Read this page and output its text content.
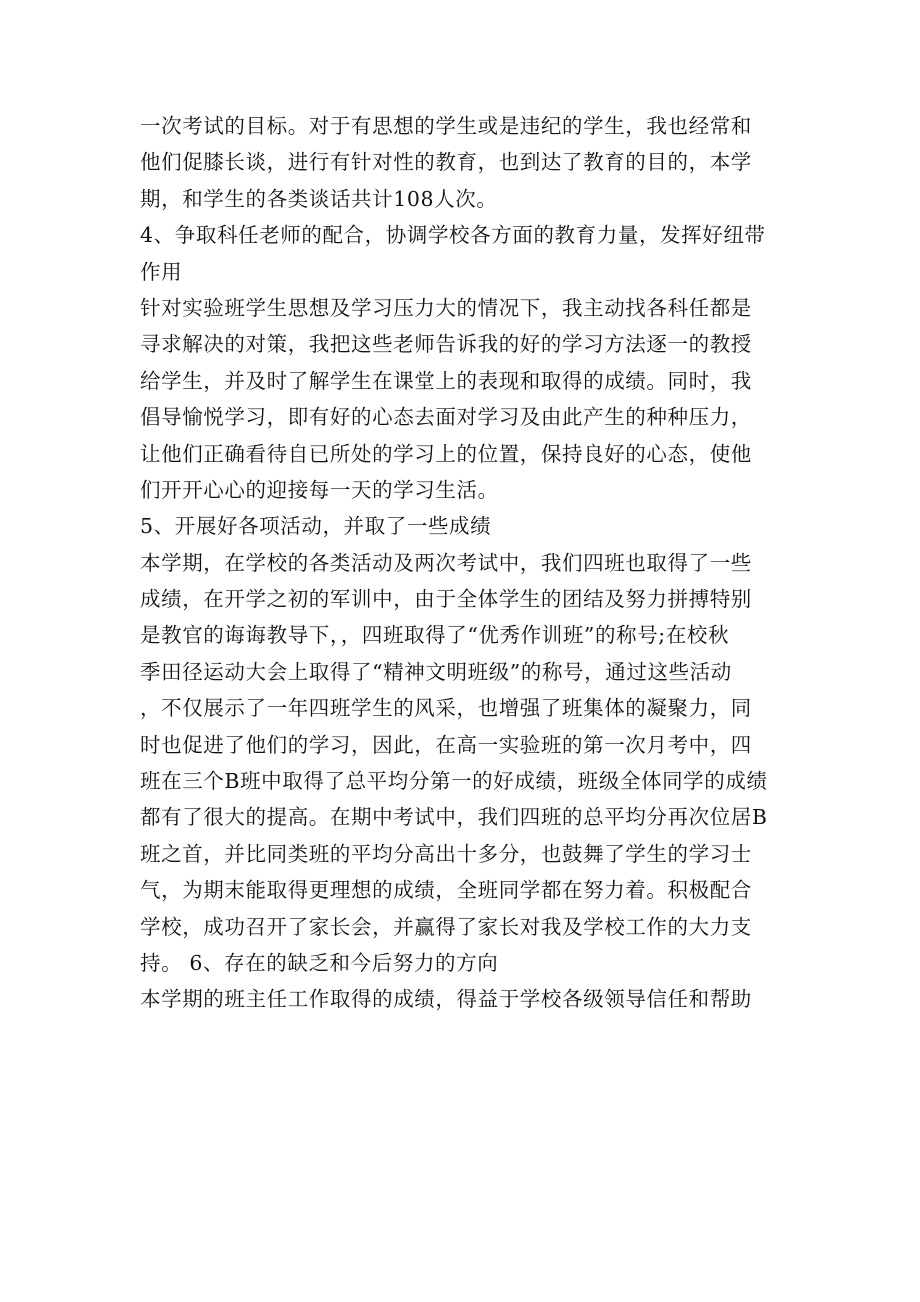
一次考试的目标。对于有思想的学生或是违纪的学生，我也经常和
他们促膝长谈，进行有针对性的教育，也到达了教育的目的，本学
期，和学生的各类谈话共计108人次。
4、争取科任老师的配合，协调学校各方面的教育力量，发挥好纽带
作用
针对实验班学生思想及学习压力大的情况下，我主动找各科任都是
寻求解决的对策，我把这些老师告诉我的好的学习方法逐一的教授
给学生，并及时了解学生在课堂上的表现和取得的成绩。同时，我
倡导愉悦学习，即有好的心态去面对学习及由此产生的种种压力，
让他们正确看待自已所处的学习上的位置，保持良好的心态，使他
们开开心心的迎接每一天的学习生活。
5、开展好各项活动，并取了一些成绩
本学期，在学校的各类活动及两次考试中，我们四班也取得了一些
成绩，在开学之初的军训中，由于全体学生的团结及努力拼搏特别
是教官的诲诲教导下，，四班取得了“优秀作训班”的称号;在校秋
季田径运动大会上取得了“精神文明班级”的称号，通过这些活动
，不仅展示了一年四班学生的风采，也增强了班集体的凝聚力，同
时也促进了他们的学习，因此，在高一实验班的第一次月考中，四
班在三个B班中取得了总平均分第一的好成绩，班级全体同学的成绩
都有了很大的提高。在期中考试中，我们四班的总平均分再次位居B
班之首，并比同类班的平均分高出十多分，也鼓舞了学生的学习士
气，为期末能取得更理想的成绩，全班同学都在努力着。积极配合
学校，成功召开了家长会，并赢得了家长对我及学校工作的大力支
持。 6、存在的缺乏和今后努力的方向
本学期的班主任工作取得的成绩，得益于学校各级领导信任和帮助
